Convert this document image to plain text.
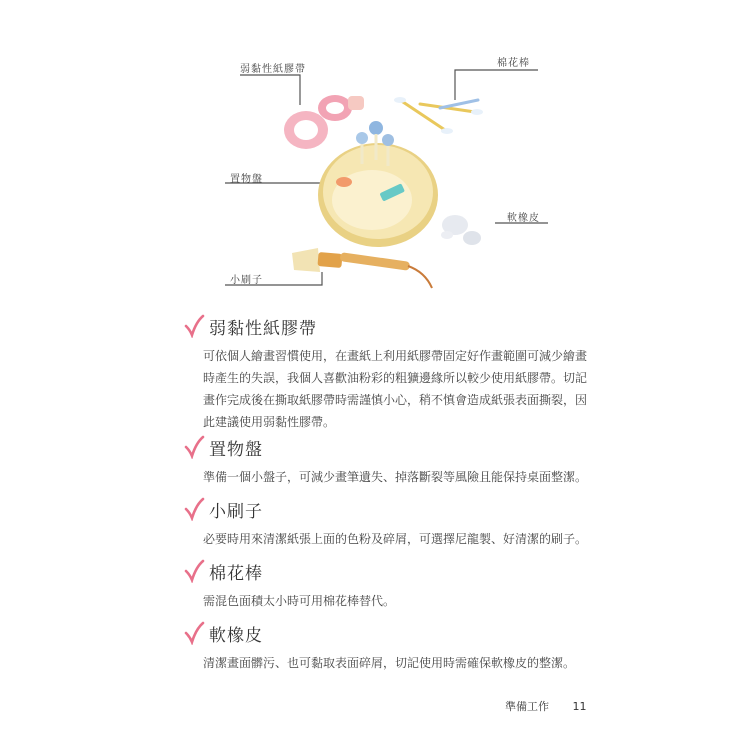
弱黏性紙膠帶
棉花棒
置物盤
軟橡皮
小刷子
弱黏性紙膠帶
可依個人繪畫習慣使用，在畫紙上利用紙膠帶固定好作畫範圍可減少繪畫時產生的失誤，我個人喜歡油粉彩的粗獷邊緣所以較少使用紙膠帶。切記畫作完成後在撕取紙膠帶時需謹慎小心，稍不慎會造成紙張表面撕裂，因此建議使用弱黏性膠帶。
置物盤
準備一個小盤子，可減少畫筆遺失、掉落斷裂等風險且能保持桌面整潔。
小刷子
必要時用來清潔紙張上面的色粉及碎屑，可選擇尼龍製、好清潔的刷子。
棉花棒
需混色面積太小時可用棉花棒替代。
軟橡皮
清潔畫面髒污、也可黏取表面碎屑，切記使用時需確保軟橡皮的整潔。
準備工作 11
